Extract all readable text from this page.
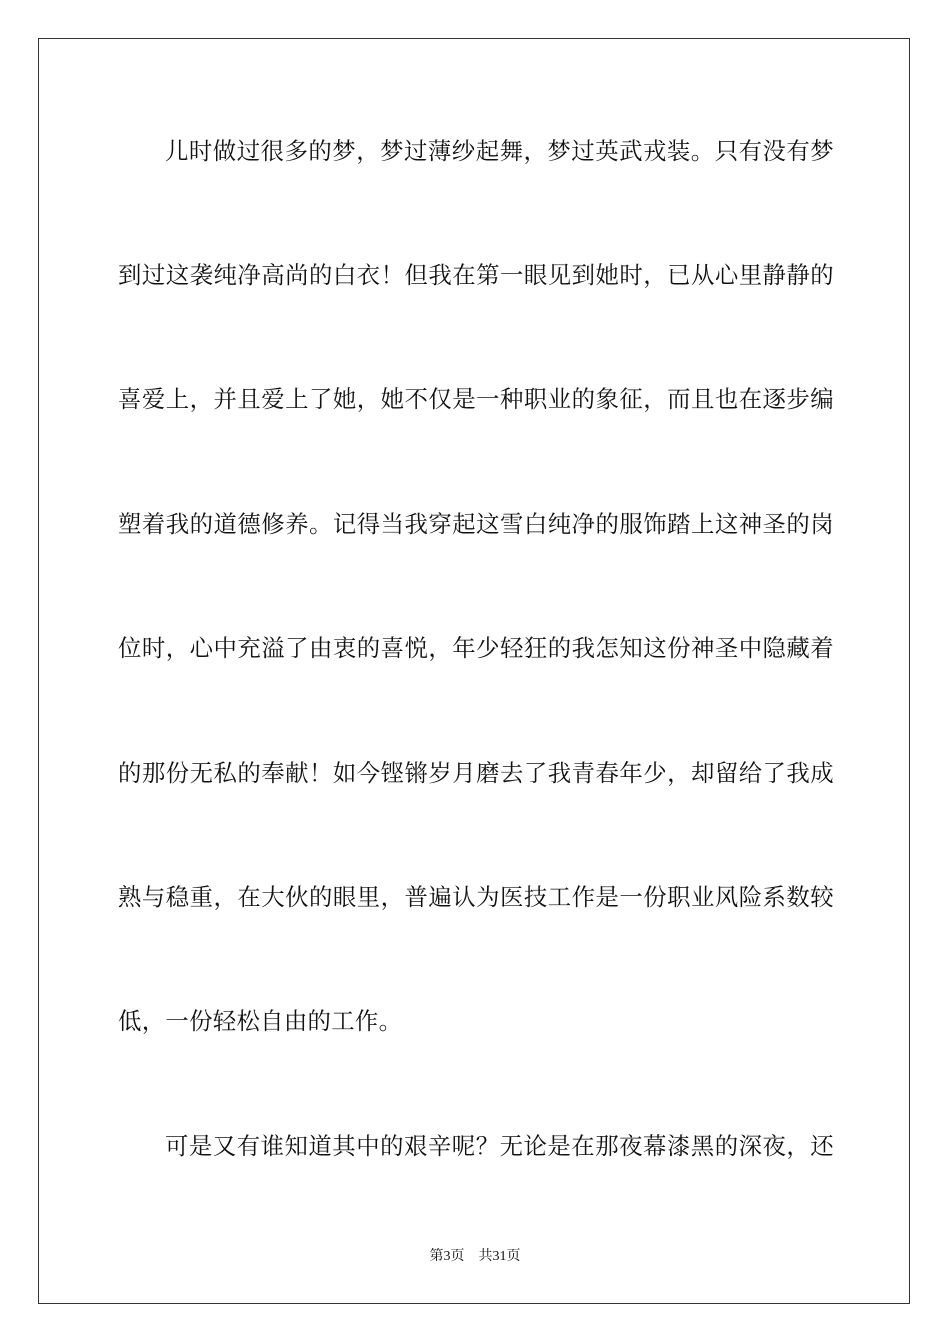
儿时做过很多的梦，梦过薄纱起舞，梦过英武戎装。只有没有梦
到过这袭纯净高尚的白衣！但我在第一眼见到她时，已从心里静静的
喜爱上，并且爱上了她，她不仅是一种职业的象征，而且也在逐步编
塑着我的道德修养。记得当我穿起这雪白纯净的服饰踏上这神圣的岗
位时，心中充溢了由衷的喜悦，年少轻狂的我怎知这份神圣中隐藏着
的那份无私的奉献！如今铿锵岁月磨去了我青春年少，却留给了我成
熟与稳重，在大伙的眼里，普遍认为医技工作是一份职业风险系数较
低，一份轻松自由的工作。
可是又有谁知道其中的艰辛呢？无论是在那夜幕漆黑的深夜，还
第3页 共31页
